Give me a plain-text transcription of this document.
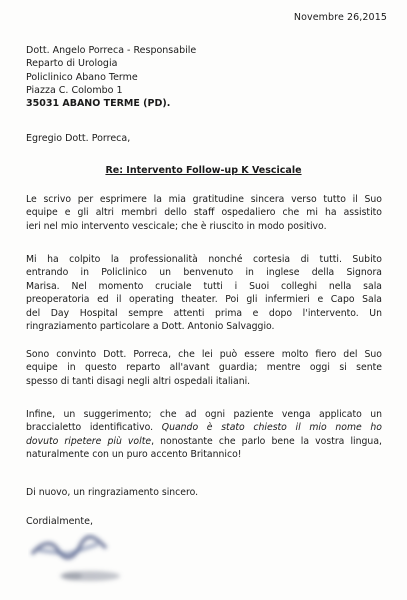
Novembre 26,2015
Dott. Angelo Porreca - Responsabile
Reparto di Urologia
Policlinico Abano Terme
Piazza C. Colombo 1
35031 ABANO TERME (PD).
Egregio Dott. Porreca,
Re: Intervento Follow-up K Vescicale
Le scrivo per esprimere la mia gratitudine sincera verso tutto il Suo
equipe e gli altri membri dello staff ospedaliero che mi ha assistito
ieri nel mio intervento vescicale; che è riuscito in modo positivo.
Mi ha colpito la professionalità nonché cortesia di tutti. Subito
entrando in Policlinico un benvenuto in inglese della Signora
Marisa. Nel momento cruciale tutti i Suoi colleghi nella sala
preoperatoria ed il operating theater. Poi gli infermieri e Capo Sala
del Day Hospital sempre attenti prima e dopo l'intervento. Un
ringraziamento particolare a Dott. Antonio Salvaggio.
Sono convinto Dott. Porreca, che lei può essere molto fiero del Suo
equipe in questo reparto all'avant guardia; mentre oggi si sente
spesso di tanti disagi negli altri ospedali italiani.
Infine, un suggerimento; che ad ogni paziente venga applicato un
braccialetto identificativo. Quando è stato chiesto il mio nome ho
dovuto ripetere più volte, nonostante che parlo bene la vostra lingua,
naturalmente con un puro accento Britannico!
Di nuovo, un ringraziamento sincero.
Cordialmente,
